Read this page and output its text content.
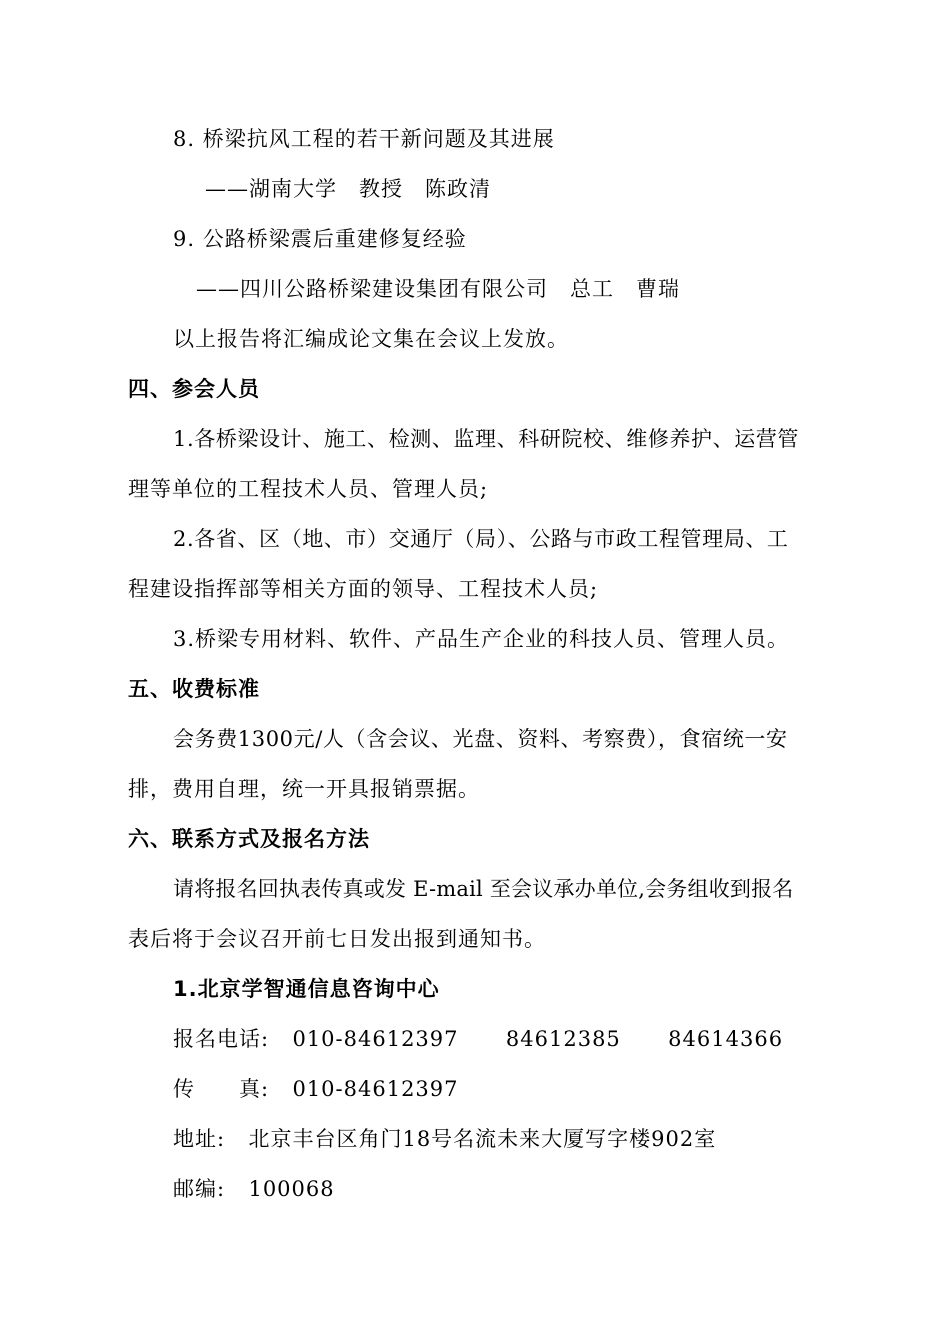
8. 桥梁抗风工程的若干新问题及其进展
——湖南大学　教授　陈政清
9. 公路桥梁震后重建修复经验
——四川公路桥梁建设集团有限公司　总工　曹瑞
以上报告将汇编成论文集在会议上发放。
四、参会人员
1.各桥梁设计、施工、检测、监理、科研院校、维修养护、运营管
理等单位的工程技术人员、管理人员;
2.各省、区（地、市）交通厅（局）、公路与市政工程管理局、工
程建设指挥部等相关方面的领导、工程技术人员;
3.桥梁专用材料、软件、产品生产企业的科技人员、管理人员。
五、收费标准
会务费1300元/人（含会议、光盘、资料、考察费），食宿统一安
排，费用自理，统一开具报销票据。
六、联系方式及报名方法
请将报名回执表传真或发 E-mail 至会议承办单位,会务组收到报名
表后将于会议召开前七日发出报到通知书。
1.北京学智通信息咨询中心
报名电话: 010-84612397 84612385 84614366
传　　真: 010-84612397
地址: 北京丰台区角门18号名流未来大厦写字楼902室
邮编: 100068
